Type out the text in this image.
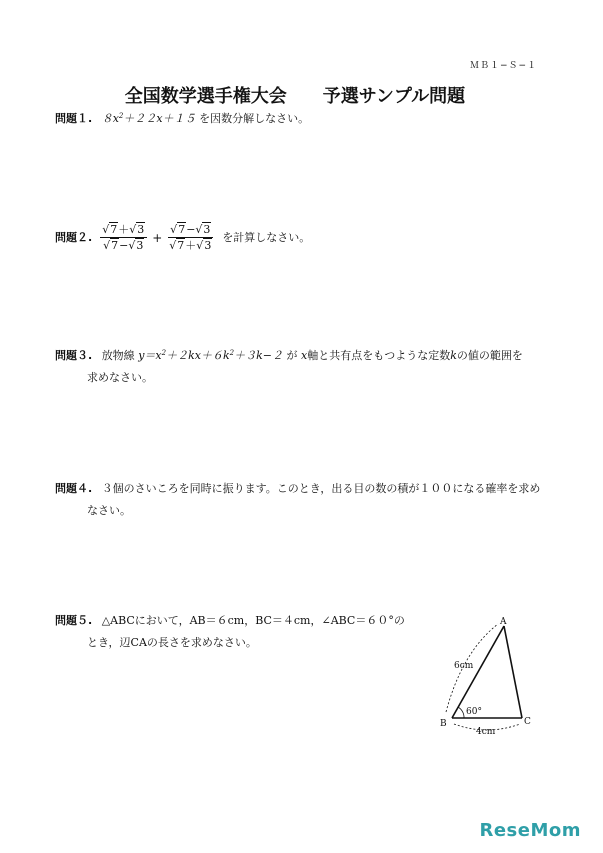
ＭＢ１−Ｓ−１
全国数学選手権大会　　予選サンプル問題
問題１. $8x^2+22x+15$ を因数分解しなさい。
問題２. $\frac{√7+√3}{√7-√3} + \frac{√7-√3}{√7+√3}$ を計算しなさい。
問題３. 放物線 $y=x^2+2kx+6k^2+3k-2$ が x軸と共有点をもつような定数kの値の範囲を
求めなさい。
問題４. ３個のさいころを同時に振ります。このとき，出る目の数の積が１００になる確率を求め
なさい。
問題５. △ABCにおいて，AB＝６cm，BC＝４cm，∠ABC＝６０°の
とき，辺CAの長さを求めなさい。
A
B	C
6cm
4cm
60°
ReseMom
